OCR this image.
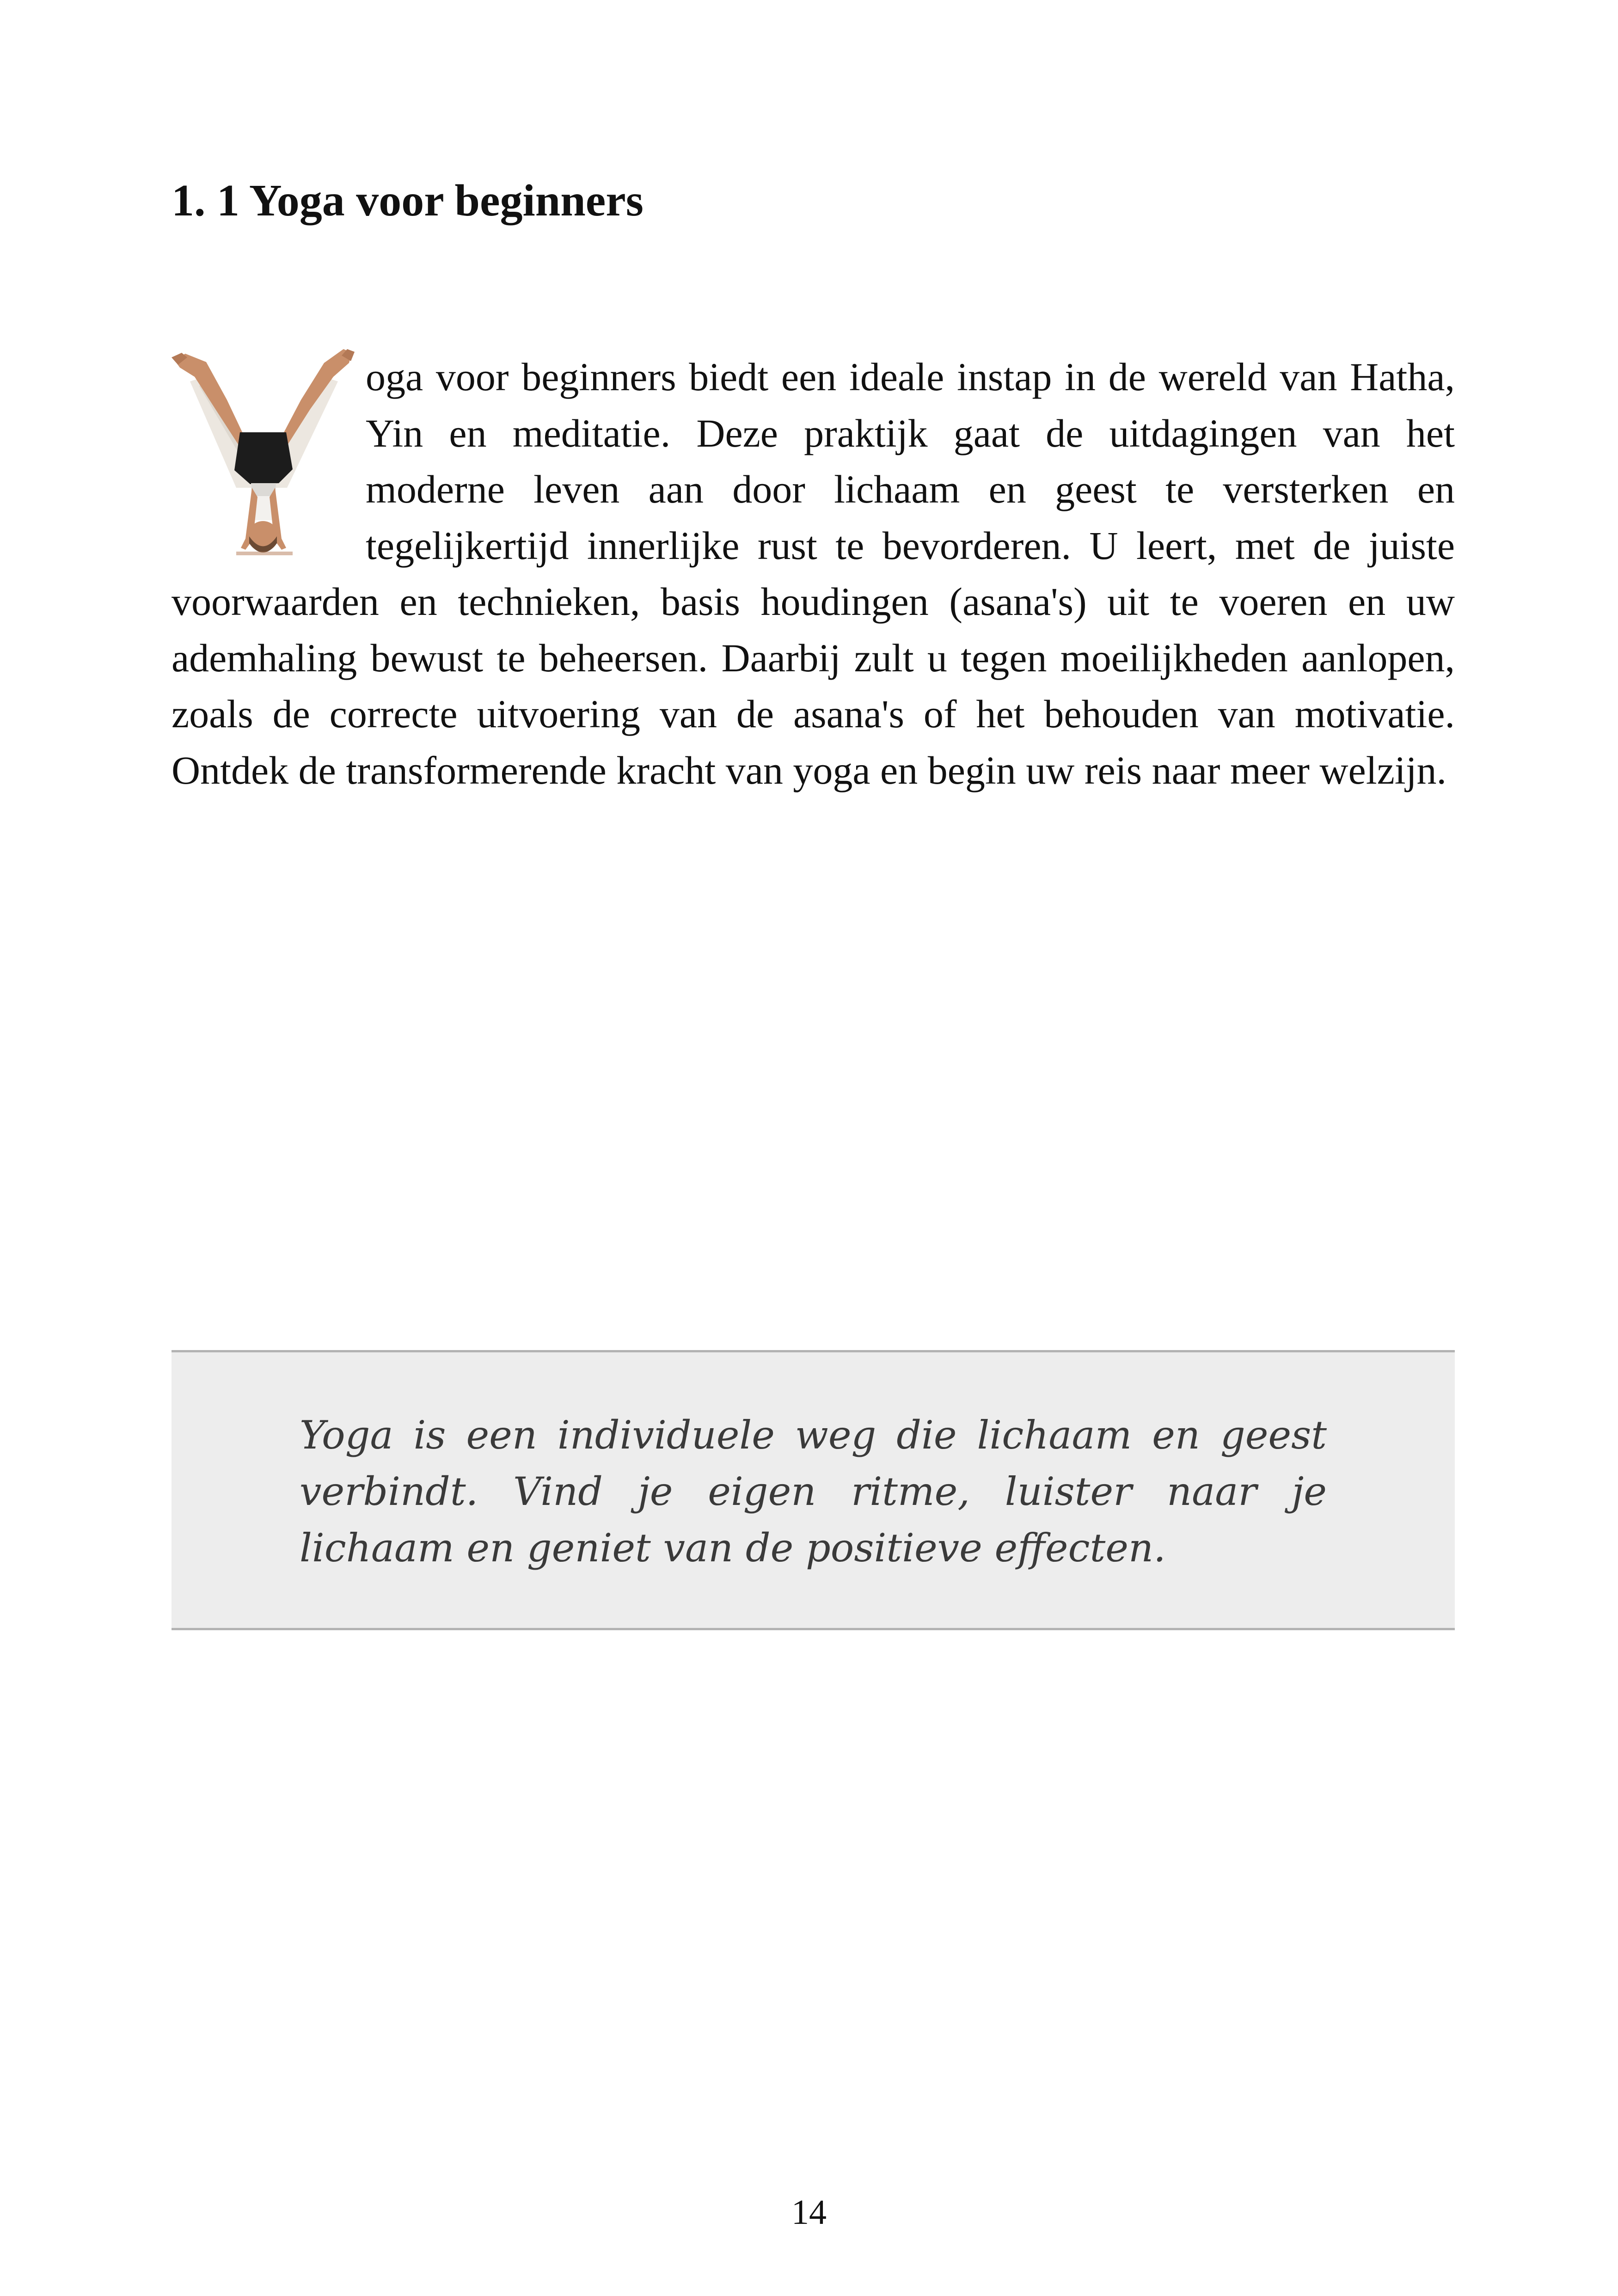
1. 1 Yoga voor beginners

oga voor beginners biedt een ideale instap in de wereld van Hatha, Yin en meditatie. Deze praktijk gaat de uitdagingen van het moderne leven aan door lichaam en geest te versterken en tegelijkertijd innerlijke rust te bevorderen. U leert, met de juiste voorwaarden en technieken, basis houdingen (asana's) uit te voeren en uw ademhaling bewust te beheersen. Daarbij zult u tegen moeilijkheden aanlopen, zoals de correcte uitvoering van de asana's of het behouden van motivatie. Ontdek de transformerende kracht van yoga en begin uw reis naar meer welzijn.

Yoga is een individuele weg die lichaam en geest verbindt. Vind je eigen ritme, luister naar je lichaam en geniet van de positieve effecten.

14
